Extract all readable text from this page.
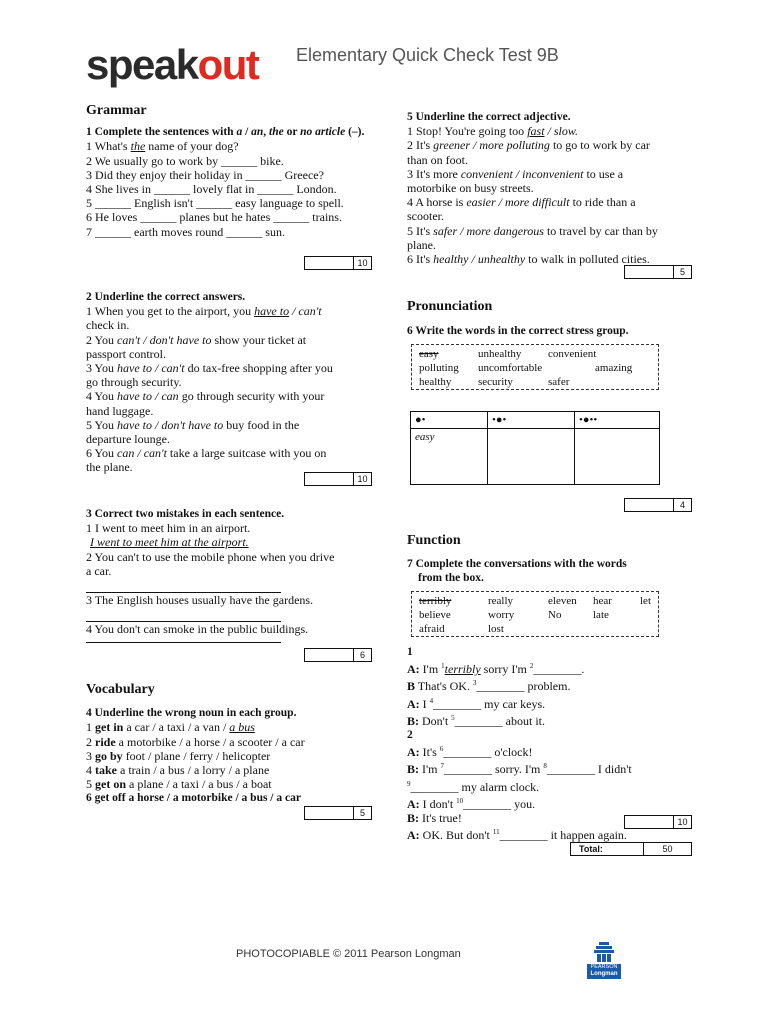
speakout Elementary Quick Check Test 9B

Grammar

1 Complete the sentences with a / an, the or no article (–).
1 What's the name of your dog?
2 We usually go to work by ______ bike.
3 Did they enjoy their holiday in ______ Greece?
4 She lives in ______ lovely flat in ______ London.
5 ______ English isn't ______ easy language to spell.
6 He loves ______ planes but he hates ______ trains.
7 ______ earth moves round ______ sun.
10
2 Underline the correct answers.
1 When you get to the airport, you have to / can't
check in.
2 You can't / don't have to show your ticket at
passport control.
3 You have to / can't do tax-free shopping after you
go through security.
4 You have to / can go through security with your
hand luggage.
5 You have to / don't have to buy food in the
departure lounge.
6 You can / can't take a large suitcase with you on
the plane.
10
3 Correct two mistakes in each sentence.
1 I went to meet him in an airport.
I went to meet him at the airport.
2 You can't to use the mobile phone when you drive
a car.
3 The English houses usually have the gardens.
4 You don't can smoke in the public buildings.
6

Vocabulary

4 Underline the wrong noun in each group.
1 get in a car / a taxi / a van / a bus
2 ride a motorbike / a horse / a scooter / a car
3 go by foot / plane / ferry / helicopter
4 take a train / a bus / a lorry / a plane
5 get on a plane / a taxi / a bus / a boat
6 get off a horse / a motorbike / a bus / a car
5
5 Underline the correct adjective.
1 Stop! You're going too fast / slow.
2 It's greener / more polluting to go to work by car
than on foot.
3 It's more convenient / inconvenient to use a
motorbike on busy streets.
4 A horse is easier / more difficult to ride than a
scooter.
5 It's safer / more dangerous to travel by car than by
plane.
6 It's healthy / unhealthy to walk in polluted cities.
5

Pronunciation

6 Write the words in the correct stress group.
easy	unhealthy convenient
polluting uncomfortable	amazing
healthy security	safer
●•	•●•	•●••
easy		
4

Function

7 Complete the conversations with the words
from the box.
terribly	really	eleven hear	let
believe	worry	No	late
afraid	lost
1
A: I'm $^1$terribly sorry I'm $^2$________.
B That's OK. $^3$________ problem.
A: I $^4$________ my car keys.
B: Don't $^5$________ about it.
2
A: It's $^6$________ o'clock!
B: I'm $^7$________ sorry. I'm $^8$________ I didn't
$^9$________ my alarm clock.
A: I don't $^{10}$________ you.
B: It's true!
A: OK. But don't $^{11}$________ it happen again.
10
Total:	50
PHOTOCOPIABLE © 2011 Pearson Longman
PEARSON
Longman
